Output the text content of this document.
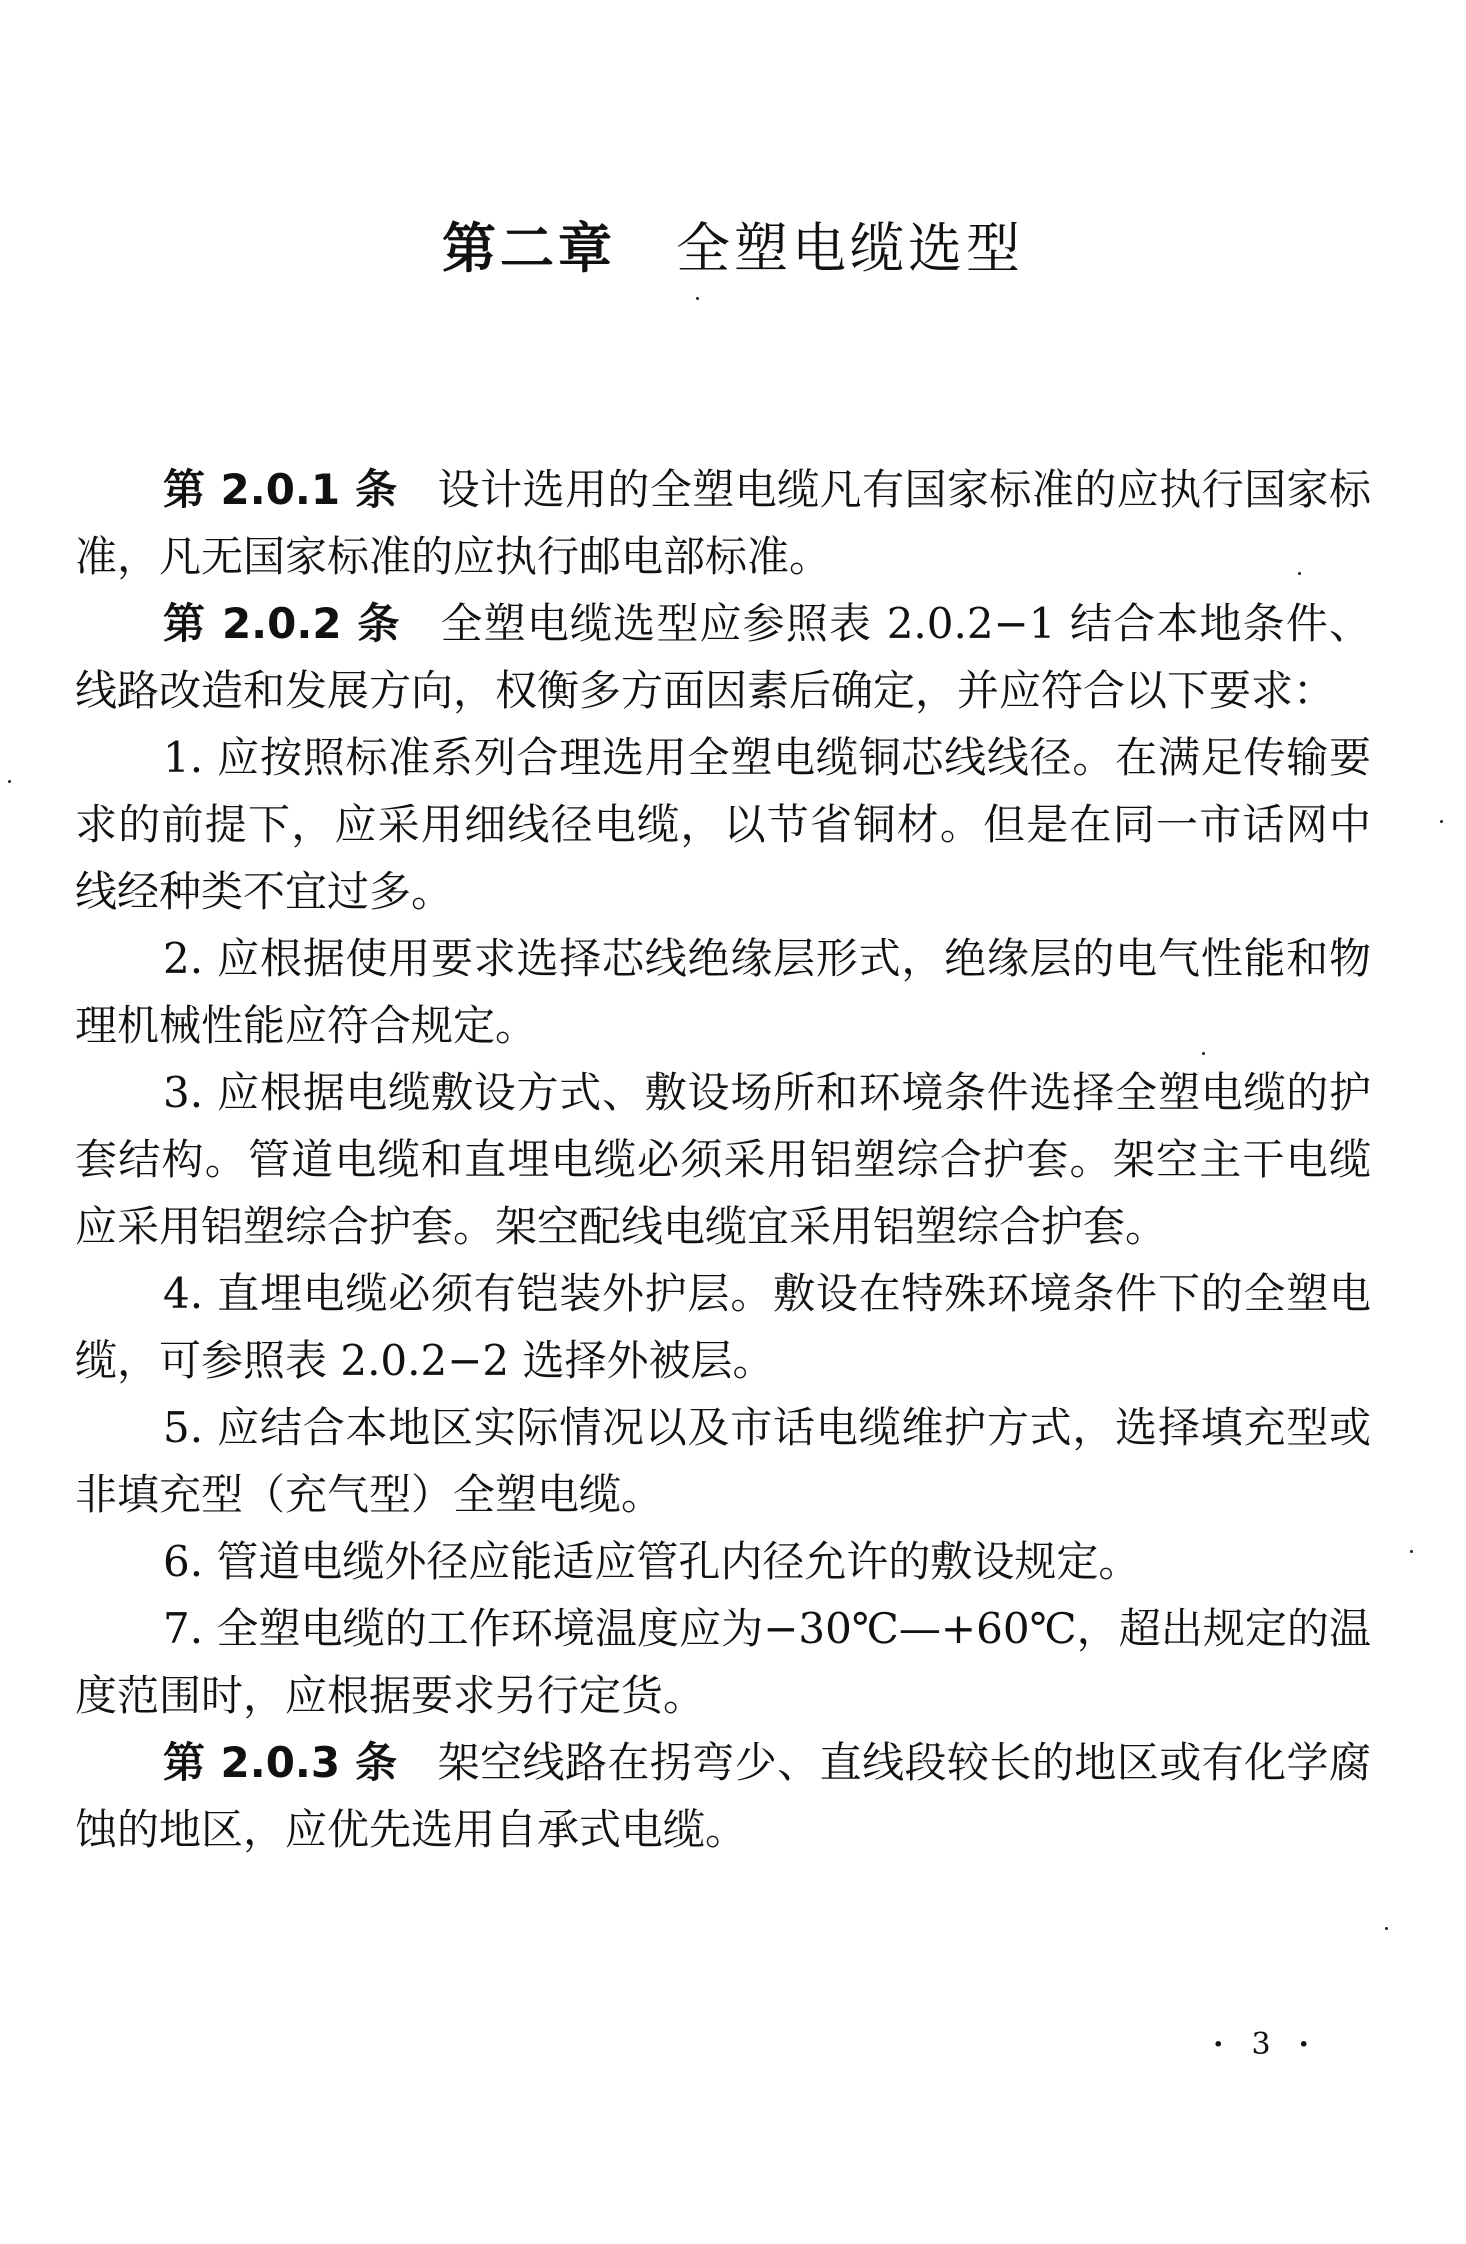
第二章 全塑电缆选型

第 2.0.1 条 设计选用的全塑电缆凡有国家标准的应执行国家标准，凡无国家标准的应执行邮电部标准。

第 2.0.2 条 全塑电缆选型应参照表 2.0.2−1 结合本地条件、线路改造和发展方向，权衡多方面因素后确定，并应符合以下要求：

1. 应按照标准系列合理选用全塑电缆铜芯线线径。在满足传输要求的前提下，应采用细线径电缆，以节省铜材。但是在同一市话网中线经种类不宜过多。

2. 应根据使用要求选择芯线绝缘层形式，绝缘层的电气性能和物理机械性能应符合规定。

3. 应根据电缆敷设方式、敷设场所和环境条件选择全塑电缆的护套结构。管道电缆和直埋电缆必须采用铝塑综合护套。架空主干电缆应采用铝塑综合护套。架空配线电缆宜采用铝塑综合护套。

4. 直埋电缆必须有铠装外护层。敷设在特殊环境条件下的全塑电缆，可参照表 2.0.2−2 选择外被层。

5. 应结合本地区实际情况以及市话电缆维护方式，选择填充型或非填充型（充气型）全塑电缆。

6. 管道电缆外径应能适应管孔内径允许的敷设规定。

7. 全塑电缆的工作环境温度应为−30℃—+60℃，超出规定的温度范围时，应根据要求另行定货。

第 2.0.3 条 架空线路在拐弯少、直线段较长的地区或有化学腐蚀的地区，应优先选用自承式电缆。

· 3 ·
